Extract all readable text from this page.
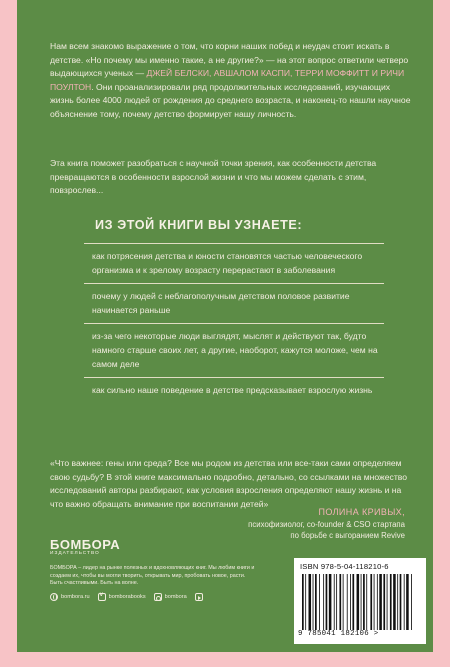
Нам всем знакомо выражение о том, что корни наших побед и неудач стоит искать в детстве. «Но почему мы именно такие, а не другие?» — на этот вопрос ответили четверо выдающихся ученых — ДЖЕЙ БЕЛСКИ, АВШАЛОМ КАСПИ, ТЕРРИ МОФФИТТ И РИЧИ ПОУЛТОН. Они проанализировали ряд продолжительных исследований, изучающих жизнь более 4000 людей от рождения до среднего возраста, и наконец-то нашли научное объяснение тому, почему детство формирует нашу личность.

Эта книга поможет разобраться с научной точки зрения, как особенности детства превращаются в особенности взрослой жизни и что мы можем сделать с этим, повзрослев...

ИЗ ЭТОЙ КНИГИ ВЫ УЗНАЕТЕ:
как потрясения детства и юности становятся частью человеческого организма и к зрелому возрасту перерастают в заболевания
почему у людей с неблагополучным детством половое развитие начинается раньше
из-за чего некоторые люди выглядят, мыслят и действуют так, будто намного старше своих лет, а другие, наоборот, кажутся моложе, чем на самом деле
как сильно наше поведение в детстве предсказывает взрослую жизнь

«Что важнее: гены или среда? Все мы родом из детства или все-таки сами определяем свою судьбу? В этой книге максимально подробно, детально, со ссылками на множество исследований авторы разбирают, как условия взросления определяют нашу жизнь и на что важно обращать внимание при воспитании детей»

ПОЛИНА КРИВЫХ,
психофизиолог, co-founder & CSO стартапа
по борьбе с выгоранием Revive
БОМБОРА
ИЗДАТЕЛЬСТВО

БОМБОРА – лидер на рынке полезных и вдохновляющих книг. Мы любим книги и создаем их, чтобы вы могли творить, открывать мир, пробовать новое, расти. Быть счастливыми. Быть на волне.

bombora.ru
v	bomborabooks	bombora
ISBN 978-5-04-118210-6
9 785041 182106 >
